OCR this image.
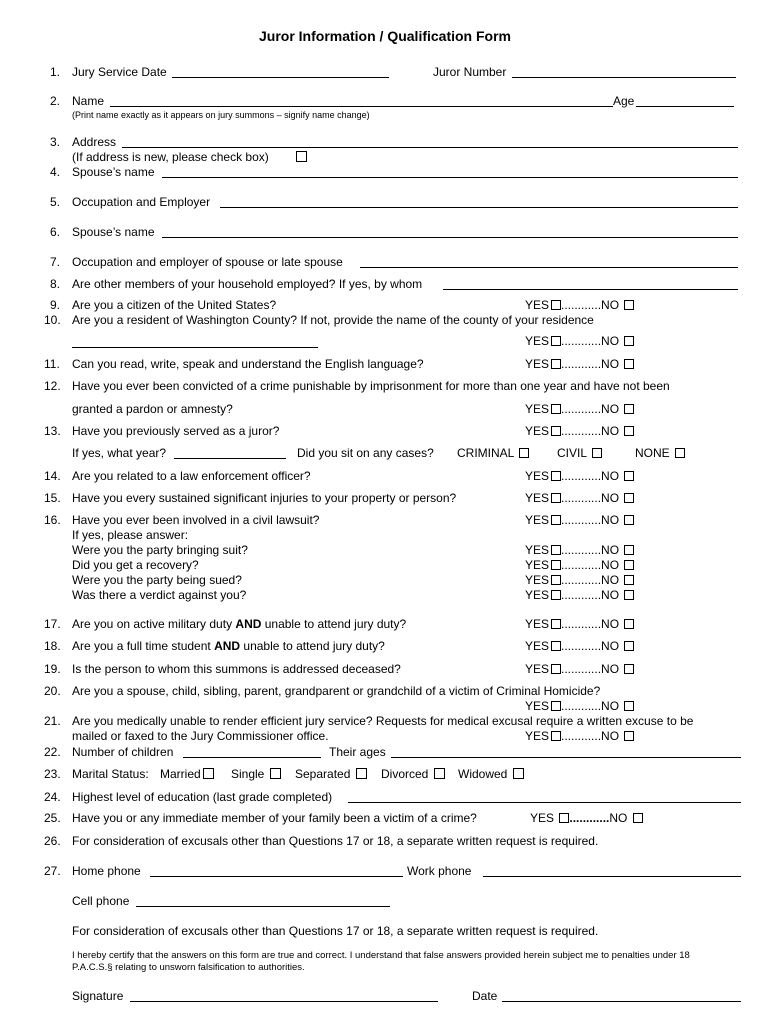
Juror Information / Qualification Form
1. Jury Service Date	Juror Number
2. Name	Age
(Print name exactly as it appears on jury summons – signify name change)
3. Address
(If address is new, please check box)
4. Spouse’s name
5. Occupation and Employer
6. Spouse’s name
7. Occupation and employer of spouse or late spouse
8. Are other members of your household employed? If yes, by whom
9. Are you a citizen of the United States?	YES ............NO
10. Are you a resident of Washington County? If not, provide the name of the county of your residence
YES ............NO
11. Can you read, write, speak and understand the English language?	YES ............NO
12. Have you ever been convicted of a crime punishable by imprisonment for more than one year and have not been
granted a pardon or amnesty?	YES ............NO
13. Have you previously served as a juror?	YES ............NO
If yes, what year?	Did you sit on any cases? CRIMINAL	CIVIL	NONE
14. Are you related to a law enforcement officer?	YES ............NO
15. Have you every sustained significant injuries to your property or person?	YES ............NO
16. Have you ever been involved in a civil lawsuit?	YES ............NO
If yes, please answer:
Were you the party bringing suit?	YES ............NO
Did you get a recovery?	YES ............NO
Were you the party being sued?	YES ............NO
Was there a verdict against you?	YES ............NO
17. Are you on active military duty AND unable to attend jury duty?	YES ............NO
18. Are you a full time student AND unable to attend jury duty?	YES ............NO
19. Is the person to whom this summons is addressed deceased?	YES ............NO
20. Are you a spouse, child, sibling, parent, grandparent or grandchild of a victim of Criminal Homicide?
YES ............NO
21. Are you medically unable to render efficient jury service? Requests for medical excusal require a written excuse to be
mailed or faxed to the Jury Commissioner office.	YES ............NO
22. Number of children	Their ages
23. Marital Status: Married	Single	Separated	Divorced	Widowed
24. Highest level of education (last grade completed)
25. Have you or any immediate member of your family been a victim of a crime?	YES ............NO
26. For consideration of excusals other than Questions 17 or 18, a separate written request is required.
27. Home phone	Work phone
Cell phone
For consideration of excusals other than Questions 17 or 18, a separate written request is required.
I hereby certify that the answers on this form are true and correct. I understand that false answers provided herein subject me to penalties under 18
P.A.C.S.§ relating to unsworn falsification to authorities.
Signature	Date
